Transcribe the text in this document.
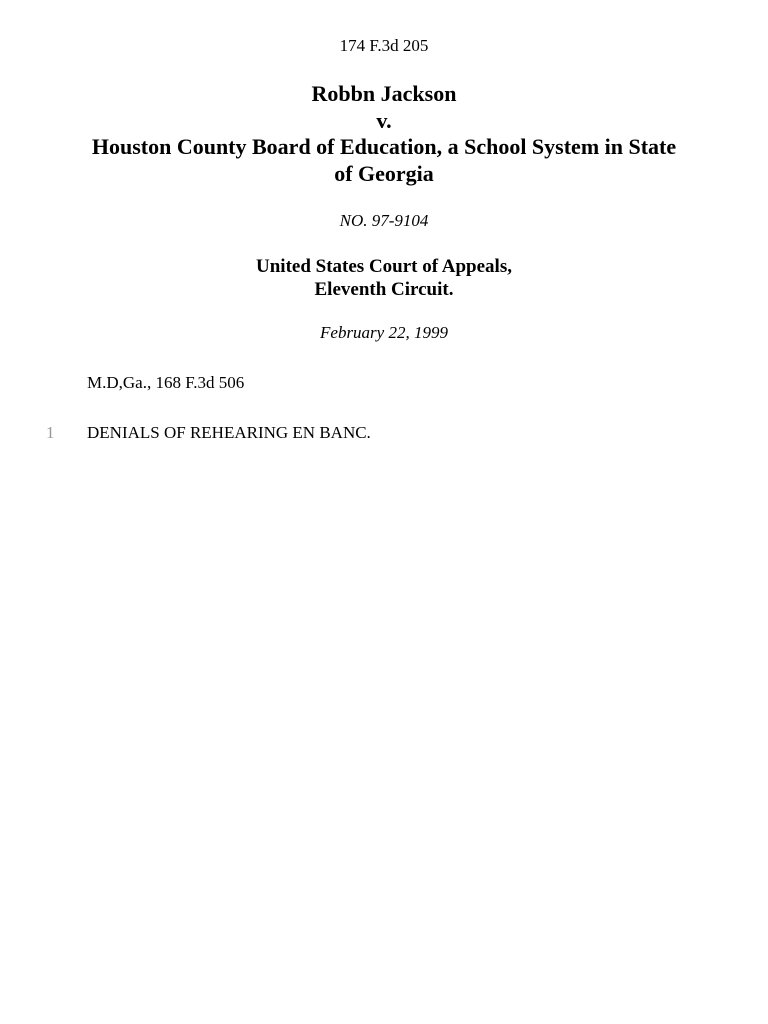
174 F.3d 205
Robbn Jackson
v.
Houston County Board of Education, a School System in State
of Georgia
NO. 97-9104
United States Court of Appeals,
Eleventh Circuit.
February 22, 1999
M.D,Ga., 168 F.3d 506
1 DENIALS OF REHEARING EN BANC.
